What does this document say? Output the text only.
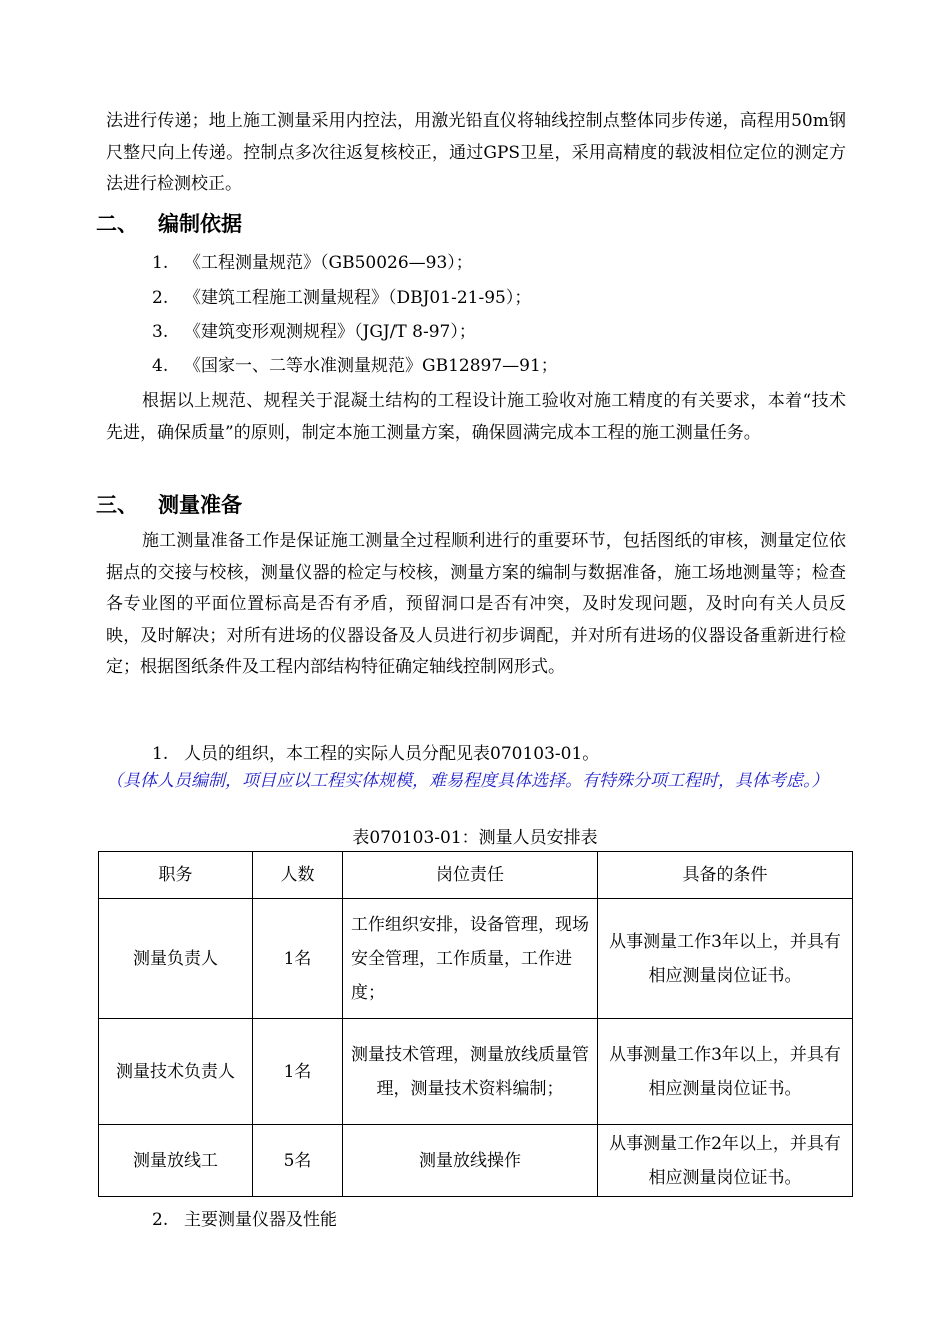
法进行传递；地上施工测量采用内控法，用激光铅直仪将轴线控制点整体同步传递，高程用50m钢尺整尺向上传递。控制点多次往返复核校正，通过GPS卫星，采用高精度的载波相位定位的测定方法进行检测校正。

二、 编制依据
1. 《工程测量规范》（GB50026—93）；
2. 《建筑工程施工测量规程》（DBJ01-21-95）；
3. 《建筑变形观测规程》（JGJ/T 8-97）；
4. 《国家一、二等水准测量规范》GB12897—91；

根据以上规范、规程关于混凝土结构的工程设计施工验收对施工精度的有关要求，本着“技术先进，确保质量”的原则，制定本施工测量方案，确保圆满完成本工程的施工测量任务。

三、 测量准备

施工测量准备工作是保证施工测量全过程顺利进行的重要环节，包括图纸的审核，测量定位依据点的交接与校核，测量仪器的检定与校核，测量方案的编制与数据准备，施工场地测量等；检查各专业图的平面位置标高是否有矛盾，预留洞口是否有冲突，及时发现问题，及时向有关人员反映，及时解决；对所有进场的仪器设备及人员进行初步调配，并对所有进场的仪器设备重新进行检定；根据图纸条件及工程内部结构特征确定轴线控制网形式。

1. 人员的组织，本工程的实际人员分配见表070103-01。

（具体人员编制，项目应以工程实体规模，难易程度具体选择。有特殊分项工程时，具体考虑。）

表070103-01：测量人员安排表
职务	人数	岗位责任	具备的条件
测量负责人	1名	工作组织安排，设备管理，现场安全管理，工作质量，工作进度；	从事测量工作3年以上，并具有相应测量岗位证书。
测量技术负责人	1名	测量技术管理，测量放线质量管理，测量技术资料编制；	从事测量工作3年以上，并具有相应测量岗位证书。
测量放线工	5名	测量放线操作	从事测量工作2年以上，并具有相应测量岗位证书。
2. 主要测量仪器及性能
